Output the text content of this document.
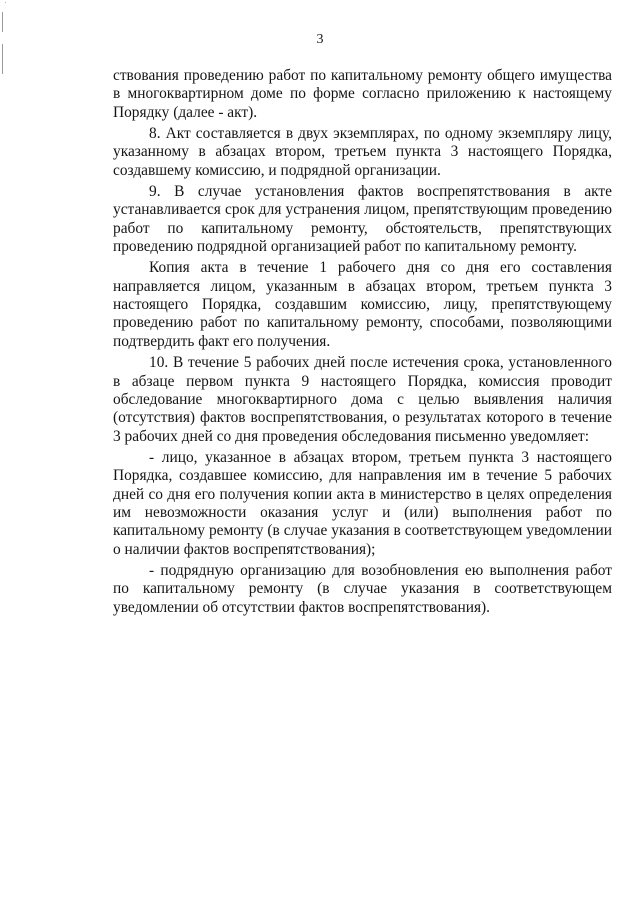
3

ствования проведению работ по капитальному ремонту общего имущества в многоквартирном доме по форме согласно приложению к настоящему Порядку (далее - акт).

8. Акт составляется в двух экземплярах, по одному экземпляру лицу, указанному в абзацах втором, третьем пункта 3 настоящего Порядка, создавшему комиссию, и подрядной организации.

9. В случае установления фактов воспрепятствования в акте устанавливается срок для устранения лицом, препятствующим проведению работ по капитальному ремонту, обстоятельств, препятствующих проведению подрядной организацией работ по капитальному ремонту.

Копия акта в течение 1 рабочего дня со дня его составления направляется лицом, указанным в абзацах втором, третьем пункта 3 настоящего Порядка, создавшим комиссию, лицу, препятствующему проведению работ по капитальному ремонту, способами, позволяющими подтвердить факт его получения.

10. В течение 5 рабочих дней после истечения срока, установленного в абзаце первом пункта 9 настоящего Порядка, комиссия проводит обследование многоквартирного дома с целью выявления наличия (отсутствия) фактов воспрепятствования, о результатах которого в течение 3 рабочих дней со дня проведения обследования письменно уведомляет:

- лицо, указанное в абзацах втором, третьем пункта 3 настоящего Порядка, создавшее комиссию, для направления им в течение 5 рабочих дней со дня его получения копии акта в министерство в целях определения им невозможности оказания услуг и (или) выполнения работ по капитальному ремонту (в случае указания в соответствующем уведомлении о наличии фактов воспрепятствования);

- подрядную организацию для возобновления ею выполнения работ по капитальному ремонту (в случае указания в соответствующем уведомлении об отсутствии фактов воспрепятствования).
